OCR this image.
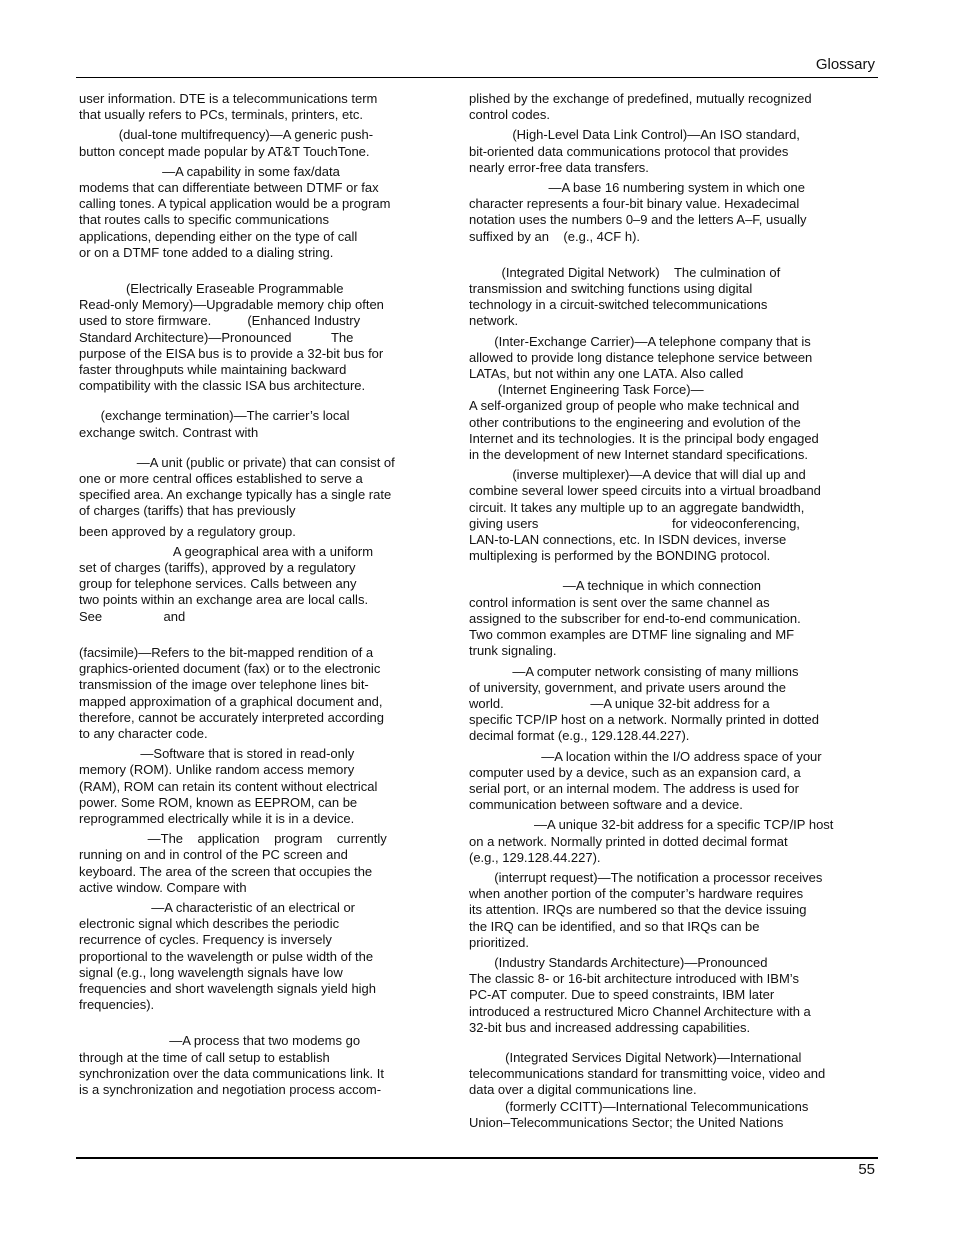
Glossary

user information. DTE is a telecommunications term
that usually refers to PCs, terminals, printers, etc.

(dual-tone multifrequency)—A generic push-
button concept made popular by AT&T TouchTone.

—A capability in some fax/data
modems that can differentiate between DTMF or fax
calling tones. A typical application would be a program
that routes calls to specific communications
applications, depending either on the type of call
or on a DTMF tone added to a dialing string.

(Electrically Eraseable Programmable
Read-only Memory)—Upgradable memory chip often
used to store firmware.          (Enhanced Industry
Standard Architecture)—Pronounced           The
purpose of the EISA bus is to provide a 32-bit bus for
faster throughputs while maintaining backward
compatibility with the classic ISA bus architecture.

(exchange termination)—The carrier’s local
exchange switch. Contrast with

—A unit (public or private) that can consist of
one or more central offices established to serve a
specified area. An exchange typically has a single rate
of charges (tariffs) that has previously

been approved by a regulatory group.

A geographical area with a uniform
set of charges (tariffs), approved by a regulatory
group for telephone services. Calls between any
two points within an exchange area are local calls.
See                 and

(facsimile)—Refers to the bit-mapped rendition of a
graphics-oriented document (fax) or to the electronic
transmission of the image over telephone lines bit-
mapped approximation of a graphical document and,
therefore, cannot be accurately interpreted according
to any character code.

—Software that is stored in read-only
memory (ROM). Unlike random access memory
(RAM), ROM can retain its content without electrical
power. Some ROM, known as EEPROM, can be
reprogrammed electrically while it is in a device.

—The    application    program    currently
running on and in control of the PC screen and
keyboard. The area of the screen that occupies the
active window. Compare with

—A characteristic of an electrical or
electronic signal which describes the periodic
recurrence of cycles. Frequency is inversely
proportional to the wavelength or pulse width of the
signal (e.g., long wavelength signals have low
frequencies and short wavelength signals yield high
frequencies).

—A process that two modems go
through at the time of call setup to establish
synchronization over the data communications link. It
is a synchronization and negotiation process accom-

plished by the exchange of predefined, mutually recognized
control codes.

(High-Level Data Link Control)—An ISO standard,
bit-oriented data communications protocol that provides
nearly error-free data transfers.

—A base 16 numbering system in which one
character represents a four-bit binary value. Hexadecimal
notation uses the numbers 0–9 and the letters A–F, usually
suffixed by an    (e.g., 4CF h).

(Integrated Digital Network)    The culmination of
transmission and switching functions using digital
technology in a circuit-switched telecommunications
network.

(Inter-Exchange Carrier)—A telephone company that is
allowed to provide long distance telephone service between
LATAs, but not within any one LATA. Also called
(Internet Engineering Task Force)—
A self-organized group of people who make technical and
other contributions to the engineering and evolution of the
Internet and its technologies. It is the principal body engaged
in the development of new Internet standard specifications.

(inverse multiplexer)—A device that will dial up and
combine several lower speed circuits into a virtual broadband
circuit. It takes any multiple up to an aggregate bandwidth,
giving users                                     for videoconferencing,
LAN-to-LAN connections, etc. In ISDN devices, inverse
multiplexing is performed by the BONDING protocol.

—A technique in which connection
control information is sent over the same channel as
assigned to the subscriber for end-to-end communication.
Two common examples are DTMF line signaling and MF
trunk signaling.

—A computer network consisting of many millions
of university, government, and private users around the
world.                        —A unique 32-bit address for a
specific TCP/IP host on a network. Normally printed in dotted
decimal format (e.g., 129.128.44.227).

—A location within the I/O address space of your
computer used by a device, such as an expansion card, a
serial port, or an internal modem. The address is used for
communication between software and a device.

—A unique 32-bit address for a specific TCP/IP host
on a network. Normally printed in dotted decimal format
(e.g., 129.128.44.227).

(interrupt request)—The notification a processor receives
when another portion of the computer’s hardware requires
its attention. IRQs are numbered so that the device issuing
the IRQ can be identified, and so that IRQs can be
prioritized.

(Industry Standards Architecture)—Pronounced
The classic 8- or 16-bit architecture introduced with IBM’s
PC-AT computer. Due to speed constraints, IBM later
introduced a restructured Micro Channel Architecture with a
32-bit bus and increased addressing capabilities.

(Integrated Services Digital Network)—International
telecommunications standard for transmitting voice, video and
data over a digital communications line.
(formerly CCITT)—International Telecommunications
Union–Telecommunications Sector; the United Nations

55
